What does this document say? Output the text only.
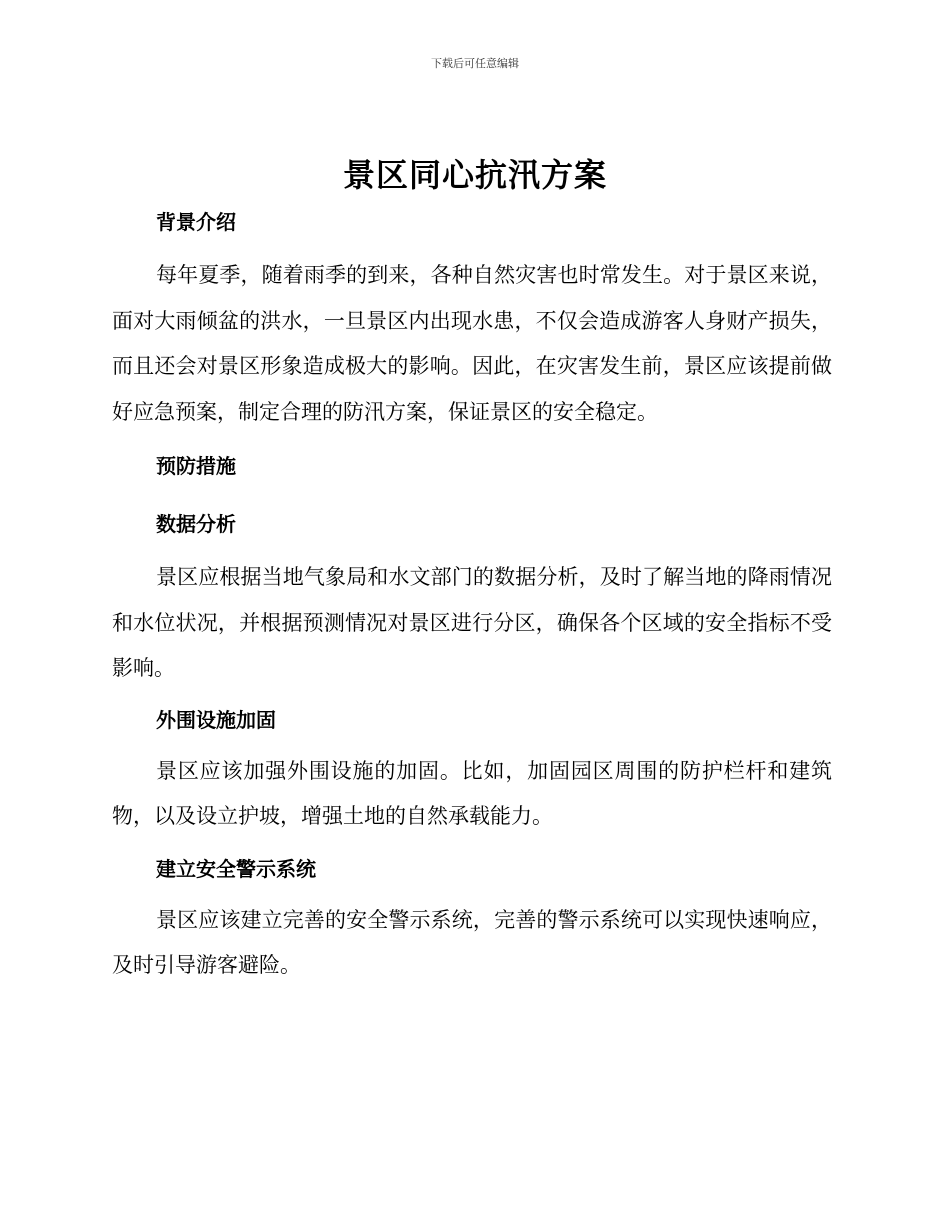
下载后可任意编辑
景区同心抗汛方案

背景介绍

每年夏季，随着雨季的到来，各种自然灾害也时常发生。对于景区来说，面对大雨倾盆的洪水，一旦景区内出现水患，不仅会造成游客人身财产损失，而且还会对景区形象造成极大的影响。因此，在灾害发生前，景区应该提前做好应急预案，制定合理的防汛方案，保证景区的安全稳定。

预防措施

数据分析

景区应根据当地气象局和水文部门的数据分析，及时了解当地的降雨情况和水位状况，并根据预测情况对景区进行分区，确保各个区域的安全指标不受影响。

外围设施加固

景区应该加强外围设施的加固。比如，加固园区周围的防护栏杆和建筑物，以及设立护坡，增强土地的自然承载能力。

建立安全警示系统

景区应该建立完善的安全警示系统，完善的警示系统可以实现快速响应，及时引导游客避险。
